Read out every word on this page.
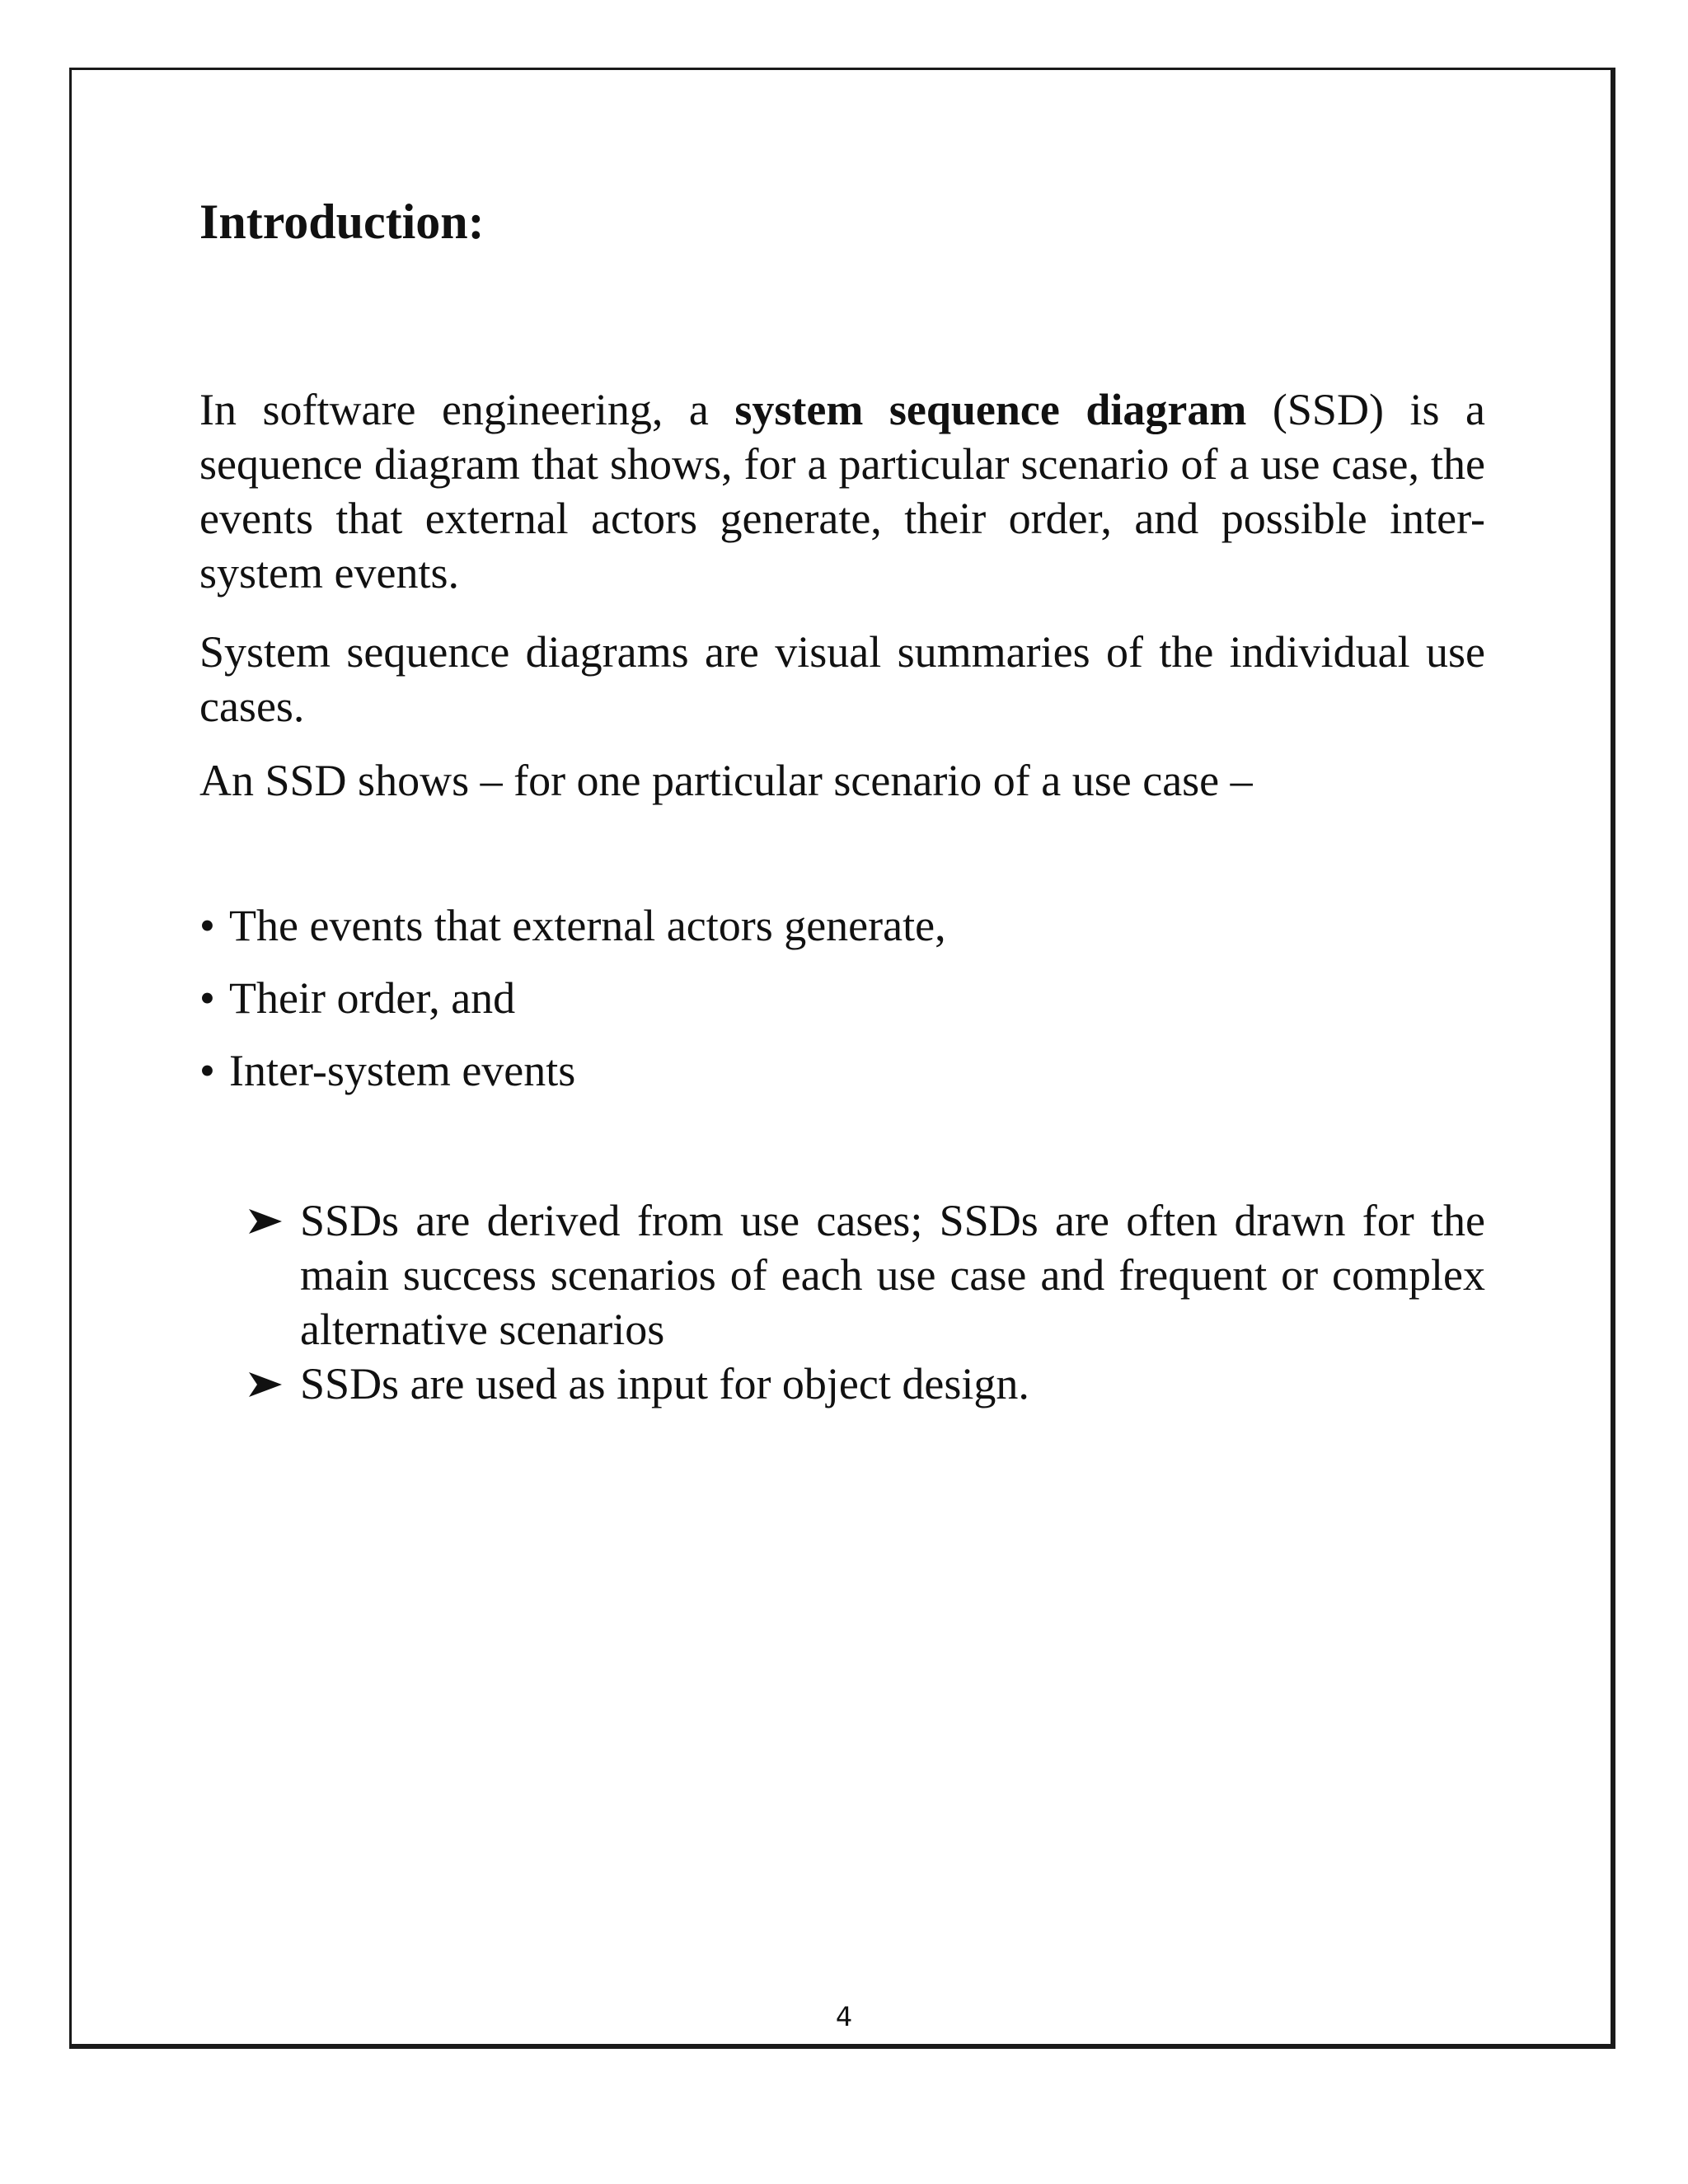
Introduction:

In software engineering, a system sequence diagram (SSD) is a sequence diagram that shows, for a particular scenario of a use case, the events that external actors generate, their order, and possible inter-system events.

System sequence diagrams are visual summaries of the individual use cases.

An SSD shows – for one particular scenario of a use case –

• The events that external actors generate,
• Their order, and
• Inter-system events
SSDs are derived from use cases; SSDs are often drawn for the main success scenarios of each use case and frequent or complex alternative scenarios
SSDs are used as input for object design.
4
